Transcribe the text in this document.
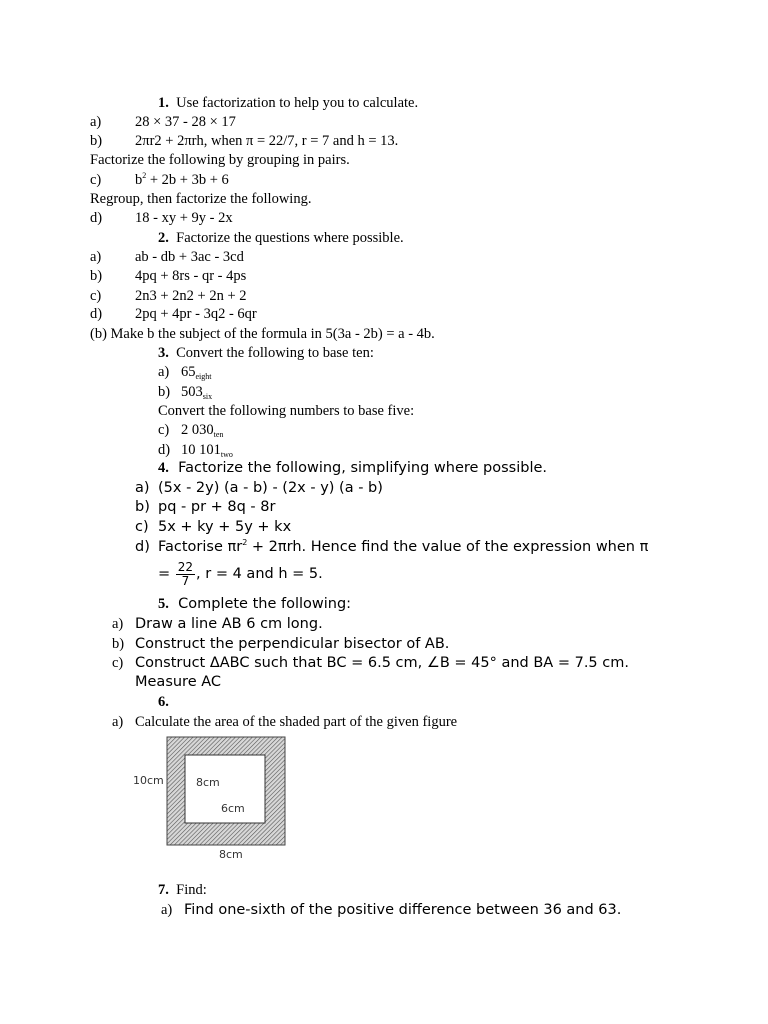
1. Use factorization to help you to calculate.
a) 28 × 37 - 28 × 17
b) 2πr2 + 2πrh, when π = 22/7, r = 7 and h = 13.
Factorize the following by grouping in pairs.
c) $b^2 + 2b + 3b + 6$
Regroup, then factorize the following.
d) 18 - xy + 9y - 2x
2. Factorize the questions where possible.
a) ab - db + 3ac - 3cd
b) 4pq + 8rs - qr - 4ps
c) 2n3 + 2n2 + 2n + 2
d) 2pq + 4pr - 3q2 - 6qr
(b) Make b the subject of the formula in 5(3a - 2b) = a - 4b.
3. Convert the following to base ten:
a) $65_{eight}$
b) $503_{six}$
Convert the following numbers to base five:
c) 2 $030_{ten}$
d) 10 $101_{two}$
4. Factorize the following, simplifying where possible.
a) (5x - 2y) (a - b) - (2x - y) (a - b)
b) pq - pr + 8q - 8r
c) 5x + ky + 5y + kx
d) Factorise $\pi r^2 + 2\pi rh$. Hence find the value of the expression when π
= $\frac{22}{7}$ , r = 4 and h = 5.
5. Complete the following:
a) Draw a line AB 6 cm long.
b) Construct the perpendicular bisector of AB.
c) Construct ΔABC such that BC = 6.5 cm, ∠B = 45° and BA = 7.5 cm.
Measure AC
6.
a) Calculate the area of the shaded part of the given figure
10cm	8cm
6cm
8cm
7. Find:
a) Find one-sixth of the positive difference between 36 and 63.
